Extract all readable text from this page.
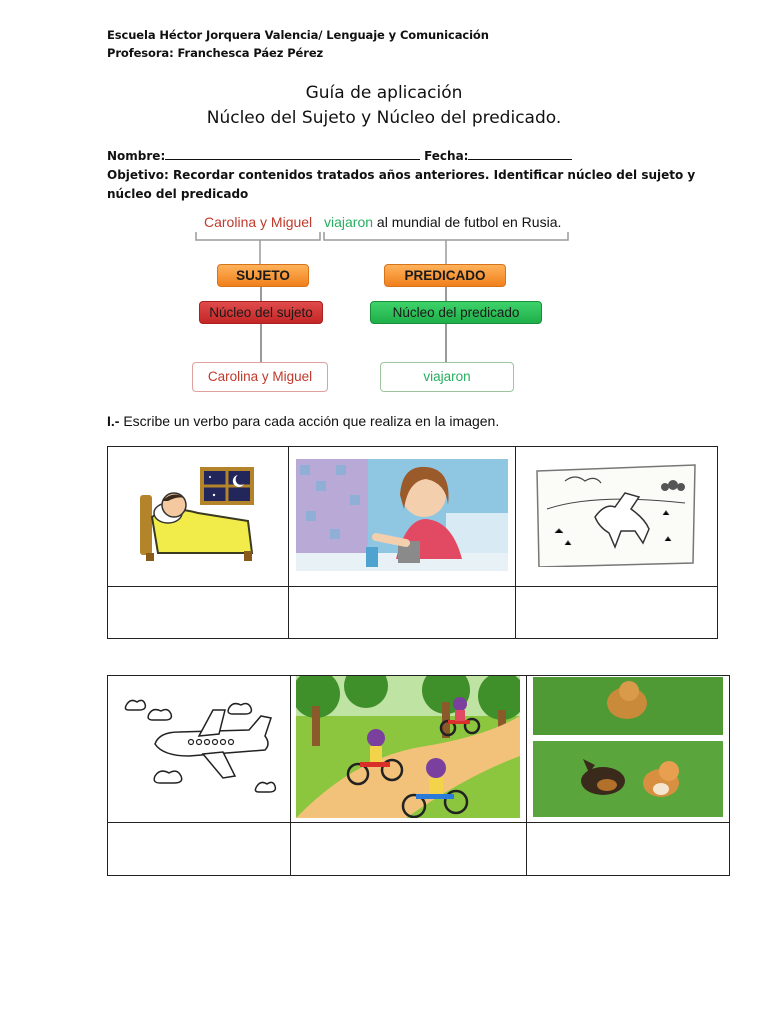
Escuela Héctor Jorquera Valencia/ Lenguaje y Comunicación
Profesora: Franchesca Páez Pérez
Guía de aplicación
Núcleo del Sujeto y Núcleo del predicado.
Nombre:	Fecha:
Objetivo: Recordar contenidos tratados años anteriores. Identificar núcleo del sujeto y
núcleo del predicado
Carolina y Miguel viajaron al mundial de futbol en Rusia.
SUJETO	PREDICADO
Núcleo del sujeto	Núcleo del predicado
Carolina y Miguel	viajaron
I.- Escribe un verbo para cada acción que realiza en la imagen.
